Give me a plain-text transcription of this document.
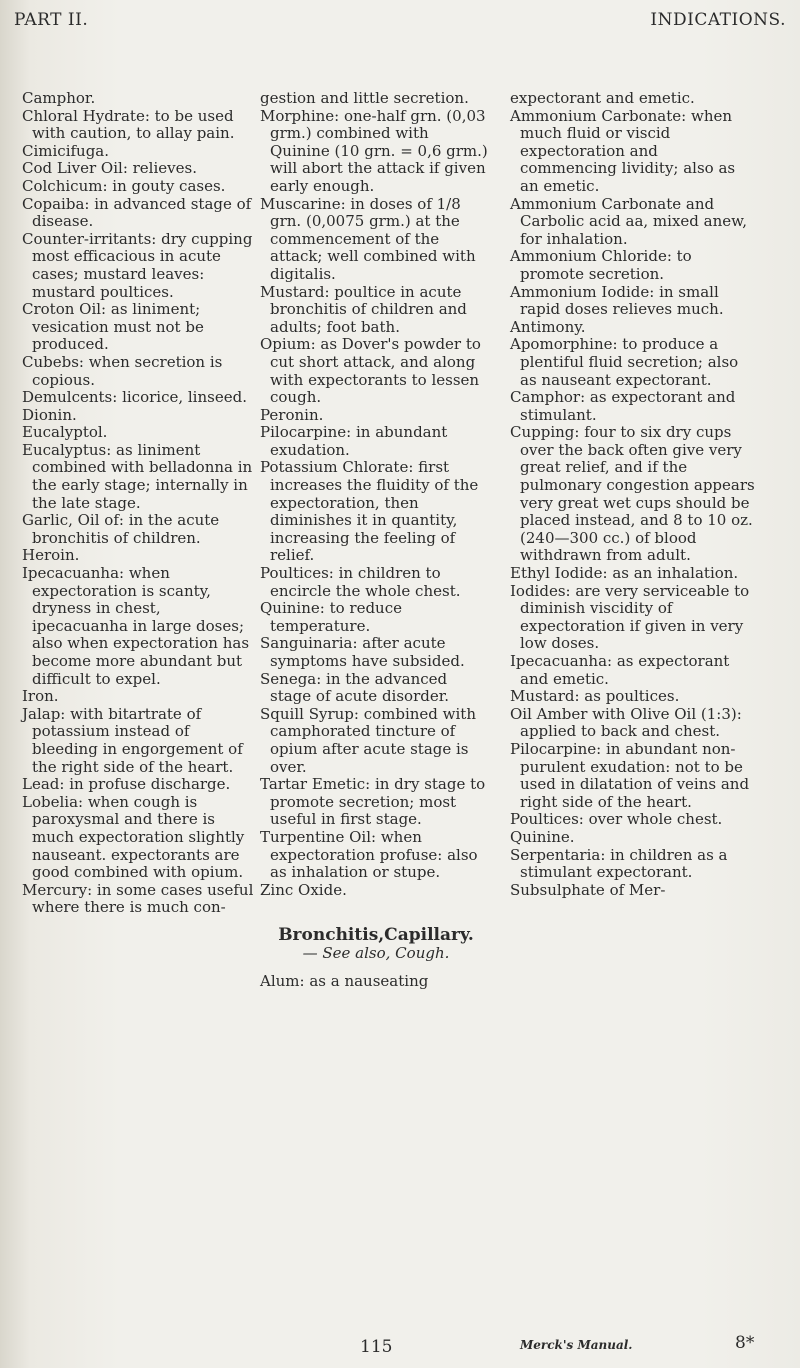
PART II.	INDICATIONS.
Camphor.
Chloral Hydrate: to be used with caution, to allay pain.
Cimicifuga.
Cod Liver Oil: relieves.
Colchicum: in gouty cases.
Copaiba: in advanced stage of disease.
Counter-irritants: dry cupping most efficacious in acute cases; mustard leaves: mustard poultices.
Croton Oil: as liniment; vesication must not be produced.
Cubebs: when secretion is copious.
Demulcents: licorice, linseed.
Dionin.
Eucalyptol.
Eucalyptus: as liniment combined with belladonna in the early stage; internally in the late stage.
Garlic, Oil of: in the acute bronchitis of children.
Heroin.
Ipecacuanha: when expectoration is scanty, dryness in chest, ipecacuanha in large doses; also when expectoration has become more abundant but difficult to expel.
Iron.
Jalap: with bitartrate of potassium instead of bleeding in engorgement of the right side of the heart.
Lead: in profuse discharge.
Lobelia: when cough is paroxysmal and there is much expectoration slightly nauseant. expectorants are good combined with opium.
Mercury: in some cases useful where there is much con-
gestion and little secretion.
Morphine: one-half grn. (0,03 grm.) combined with Quinine (10 grn. = 0,6 grm.) will abort the attack if given early enough.
Muscarine: in doses of 1/8 grn. (0,0075 grm.) at the commencement of the attack; well combined with digitalis.
Mustard: poultice in acute bronchitis of children and adults; foot bath.
Opium: as Dover's powder to cut short attack, and along with expectorants to lessen cough.
Peronin.
Pilocarpine: in abundant exudation.
Potassium Chlorate: first increases the fluidity of the expectoration, then diminishes it in quantity, increasing the feeling of relief.
Poultices: in children to encircle the whole chest.
Quinine: to reduce temperature.
Sanguinaria: after acute symptoms have subsided.
Senega: in the advanced stage of acute disorder.
Squill Syrup: combined with camphorated tincture of opium after acute stage is over.
Tartar Emetic: in dry stage to promote secretion; most useful in first stage.
Turpentine Oil: when expectoration profuse: also as inhalation or stupe.
Zinc Oxide.
Bronchitis,Capillary.
— See also, Cough.
Alum: as a nauseating
expectorant and emetic.
Ammonium Carbonate: when much fluid or viscid expectoration and commencing lividity; also as an emetic.
Ammonium Carbonate and Carbolic acid aa, mixed anew, for inhalation.
Ammonium Chloride: to promote secretion.
Ammonium Iodide: in small rapid doses relieves much.
Antimony.
Apomorphine: to produce a plentiful fluid secretion; also as nauseant expectorant.
Camphor: as expectorant and stimulant.
Cupping: four to six dry cups over the back often give very great relief, and if the pulmonary congestion appears very great wet cups should be placed instead, and 8 to 10 oz. (240—300 cc.) of blood withdrawn from adult.
Ethyl Iodide: as an inhalation.
Iodides: are very serviceable to diminish viscidity of expectoration if given in very low doses.
Ipecacuanha: as expectorant and emetic.
Mustard: as poultices.
Oil Amber with Olive Oil (1:3): applied to back and chest.
Pilocarpine: in abundant non-purulent exudation: not to be used in dilatation of veins and right side of the heart.
Poultices: over whole chest.
Quinine.
Serpentaria: in children as a stimulant expectorant.
Subsulphate of Mer-
115	Merck's Manual.	8*
